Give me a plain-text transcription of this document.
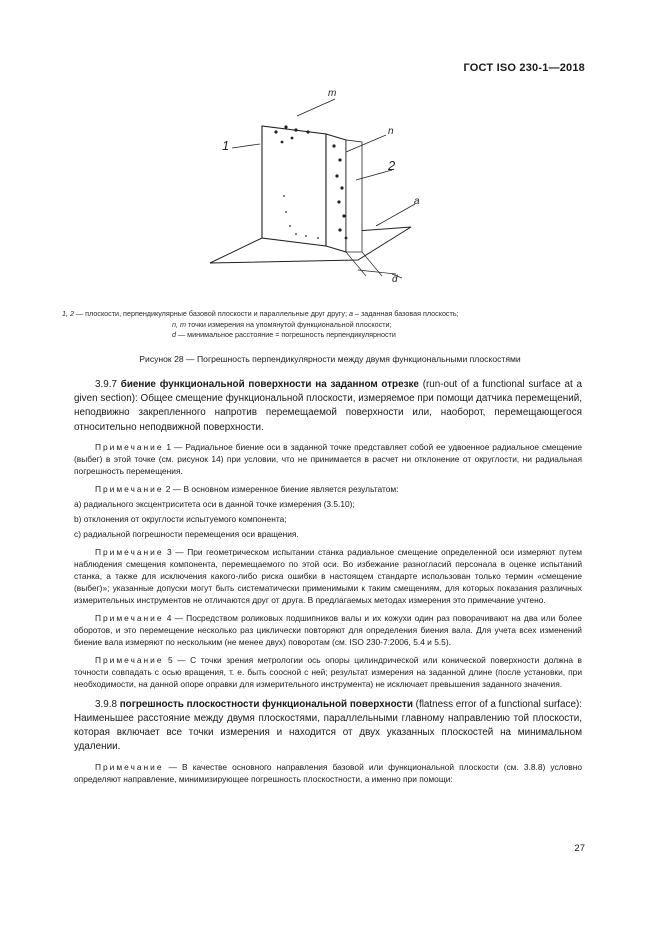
ГОСТ ISO 230-1—2018
1
m
n
2
a
d
1, 2 — плоскости, перпендикулярные базовой плоскости и параллельные друг другу; a – заданная базовая плоскость;
n, m точки измерения на упомянутой функциональной плоскости;
d — минимальное расстояние = погрешность перпендикулярности
Рисунок 28 — Погрешность перпендикулярности между двумя функциональными плоскостями

3.9.7 биение функциональной поверхности на заданном отрезке (run-out of a functional surface at a given section): Общее смещение функциональной плоскости, измеряемое при помощи датчика перемещений, неподвижно закрепленного напротив перемещаемой поверхности или, наоборот, перемещающегося относительно неподвижной поверхности.

Примечание 1 — Радиальное биение оси в заданной точке представляет собой ее удвоенное радиальное смещение (выбег) в этой точке (см. рисунок 14) при условии, что не принимается в расчет ни отклонение от округлости, ни радиальная погрешность перемещения.

Примечание 2 — В основном измеренное биение является результатом:

a) радиального эксцентриситета оси в данной точке измерения (3.5.10);

b) отклонения от округлости испытуемого компонента;

c) радиальной погрешности перемещения оси вращения.

Примечание 3 — При геометрическом испытании станка радиальное смещение определенной оси измеряют путем наблюдения смещения компонента, перемещаемого по этой оси. Во избежание разногласий персонала в оценке испытаний станка, а также для исключения какого-либо риска ошибки в настоящем стандарте использован только термин «смещение (выбег)»; указанные допуски могут быть систематически применимыми к таким смещениям, для которых показания различных измерительных инструментов не отличаются друг от друга. В предлагаемых методах измерения это примечание учтено.

Примечание 4 — Посредством роликовых подшипников валы и их кожухи один раз поворачивают на два или более оборотов, и это перемещение несколько раз циклически повторяют для определения биения вала. Для учета всех изменений биение вала измеряют по нескольким (не менее двух) поворотам (см. ISO 230-7:2006, 5.4 и 5.5).

Примечание 5 — С точки зрения метрологии ось опоры цилиндрической или конической поверхности должна в точности совпадать с осью вращения, т. е. быть соосной с ней; результат измерения на заданной длине (после установки, при необходимости, на данной опоре оправки для измерительного инструмента) не исключает превышения заданного значения.

3.9.8 погрешность плоскостности функциональной поверхности (flatness error of a functional surface): Наименьшее расстояние между двумя плоскостями, параллельными главному направлению той плоскости, которая включает все точки измерения и находится от двух указанных плоскостей на минимальном удалении.

Примечание — В качестве основного направления базовой или функциональной плоскости (см. 3.8.8) условно определяют направление, минимизирующее погрешность плоскостности, а именно при помощи:

27
